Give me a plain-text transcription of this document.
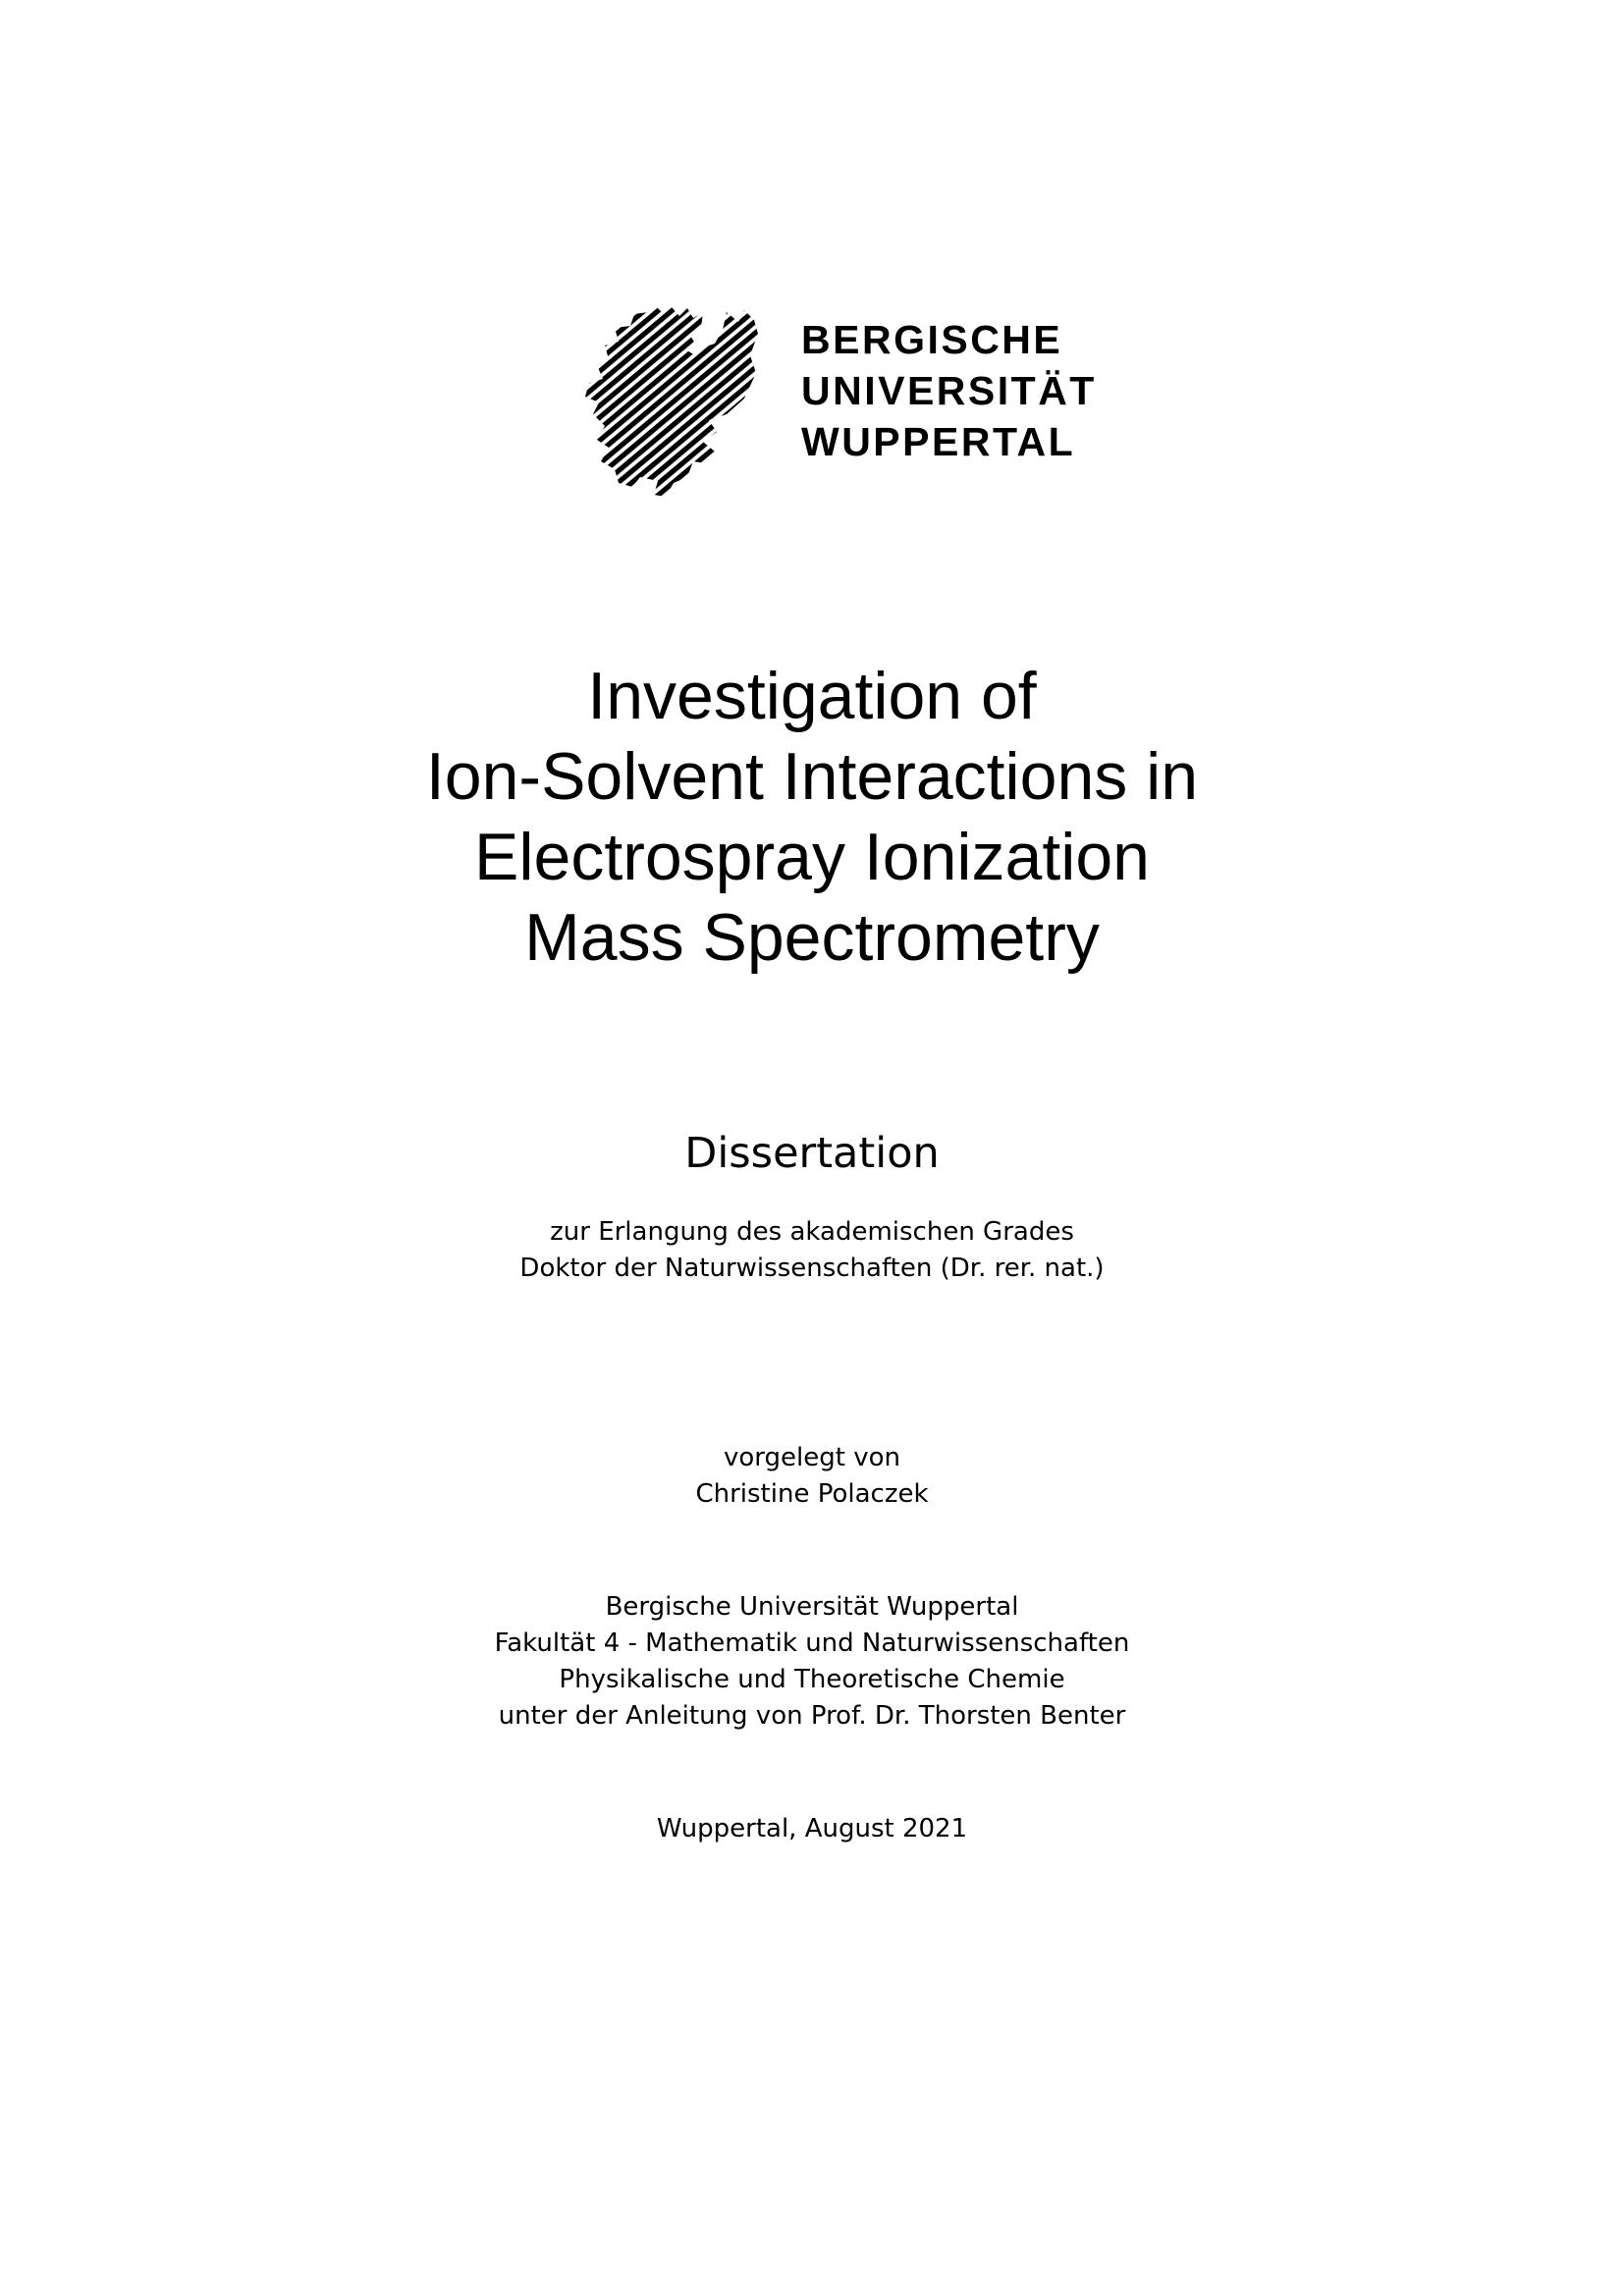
BERGISCHE
UNIVERSITÄT
WUPPERTAL
Investigation of
Ion-Solvent Interactions in
Electrospray Ionization
Mass Spectrometry
Dissertation
zur Erlangung des akademischen Grades
Doktor der Naturwissenschaften (Dr. rer. nat.)
vorgelegt von
Christine Polaczek
Bergische Universität Wuppertal
Fakultät 4 - Mathematik und Naturwissenschaften
Physikalische und Theoretische Chemie
unter der Anleitung von Prof. Dr. Thorsten Benter
Wuppertal, August 2021
